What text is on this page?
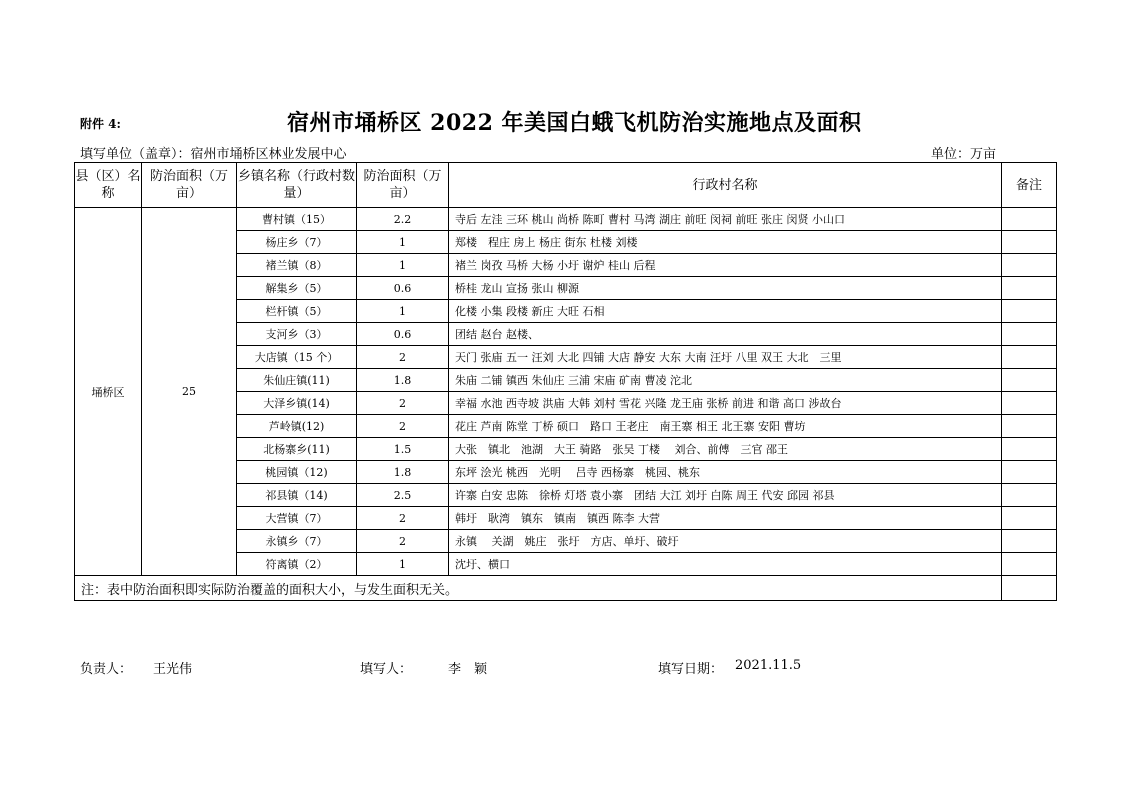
附件 4:	宿州市埇桥区 2022 年美国白蛾飞机防治实施地点及面积
填写单位（盖章）：宿州市埇桥区林业发展中心	单位：万亩
县（区）名称	防治面积（万亩）	乡镇名称（行政村数量）	防治面积（万亩）	行政村名称	备注
埇桥区	25	曹村镇（15）	2.2	寺后 左洼 三环 桃山 尚桥 陈町 曹村 马湾 湖庄 前旺 闵祠 前旺 张庄 闵贤 小山口	
		杨庄乡（7）	1	郑楼　程庄 房上 杨庄 街东 杜楼 刘楼	
		褚兰镇（8）	1	褚兰 岗孜 马桥 大杨 小圩 谢炉 桂山 后程	
		解集乡（5）	0.6	桥桂 龙山 宣扬 张山 柳源	
		栏杆镇（5）	1	化楼 小集 段楼 新庄 大旺 石相	
		支河乡（3）	0.6	团结 赵台 赵楼、	
		大店镇（15 个）	2	天门 张庙 五一 汪刘 大北 四铺 大店 静安 大东 大南 汪圩 八里 双王 大北　三里	
		朱仙庄镇(11)	1.8	朱庙 二铺 镇西 朱仙庄 三浦 宋庙 矿南 曹凌 沱北	
		大泽乡镇(14)	2	幸福 水池 西寺坡 洪庙 大韩 刘村 雪花 兴隆 龙王庙 张桥 前进 和谐 高口 涉故台	
		芦岭镇(12)	2	花庄 芦南 陈堂 丁桥 硕口　路口 王老庄　南王寨 相王 北王寨 安阳 曹坊	
		北杨寨乡(11)	1.5	大张　镇北　池湖　大王 骑路　张吴 丁楼　 刘合、前傅　三官 邵王	
		桃园镇（12)	1.8	东坪 浍光 桃西　光明　 吕寺 西杨寨　桃园、桃东	
		祁县镇（14)	2.5	许寨 白安 忠陈　徐桥 灯塔 袁小寨　团结 大江 刘圩 白陈 周王 代安 邱园 祁县	
		大营镇（7）	2	韩圩　耿湾　镇东　镇南　镇西 陈李 大营	
		永镇乡（7）	2	永镇　 关湖　姚庄　张圩　方店、单圩、破圩	
		符离镇（2）	1	沈圩、横口	
注：表中防治面积即实际防治覆盖的面积大小，与发生面积无关。					
负责人： 王光伟	填写人：	李　颖	填写日期： 2021.11.5
